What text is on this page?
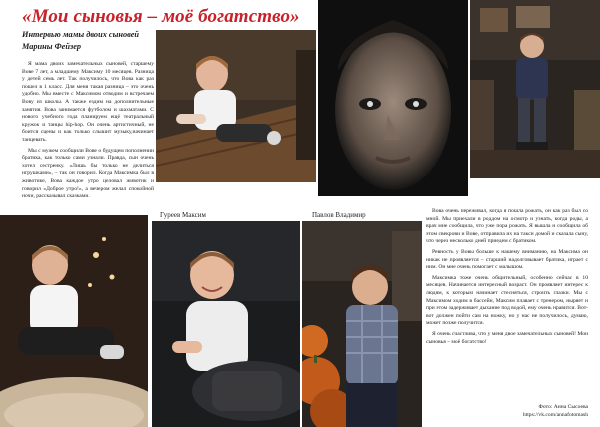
«Мои сыновья – моё богатство»
Интервью мамы двоих сыновей
Марины Фейзер

Я мама двоих замечательных сыновей, старшему Вове 7 лет, а младшему Максиму 10 месяцев. Разница у детей семь лет. Так получилось, что Вова как раз пошел в 1 класс. Для меня такая разница – это очень удобно. Мы вместе с Максимом отводим и встречаем Вову из школы. А также ездим на дополнительные занятия. Вова занимается футболом и шахматами. С нового учебного года планируем ещё театральный кружок и танцы hip-hop. Он очень артистичный, не боится сцены и как только слышит музыку,начинает танцевать.

Мы с мужем сообщили Вове о будущем пополнении братика, как только сами узнали. Правда, сын очень хотел сестренку. «Лишь бы только не делиться игрушками», – так он говорил. Когда Максимка был в животике, Вова каждое утро целовал животик и говорил «Доброе утро!», а вечером желал спокойной ночи, рассказывал сказками.

Гуреев Максим	Павлов Владимир	Вова очень переживал, когда я пошла рожать, он как раз был со мной. Мы приехали в роддом на осмотр и узнать, когда роды, а врач мне сообщила, что уже пора рожать. Я вышла и сообщила об этом свекрови и Вове, отправила их на такси домой и сказала сыну, что через несколько дней приедем с братиком.

Ревность у Вовы больше к нашему вниманию, на Максима он никак не проявляется – старший надолговывает братика, играет с ним. Он мне очень помогает с малышом.

Максимка тоже очень общительный, особенно сейчас в 10 месяцев. Начинается интересный возраст. Он проявляет интерес к людям, к которым начинает стесняться, строить глазки. Мы с Максимом ходим в бассейн, Максим плавает с тренером, ныряет и при этом задерживает дыхание под водой, ему очень нравится. Вот-вот должен пойти сам на ножку, но у нас не получилось, думаю, может позже получится.

Я очень счастлива, что у меня двое замечательных сыновей! Мои сыновья – моё богатство!

Фото: Анна Сысоева
https://vk.com/annafotomash
